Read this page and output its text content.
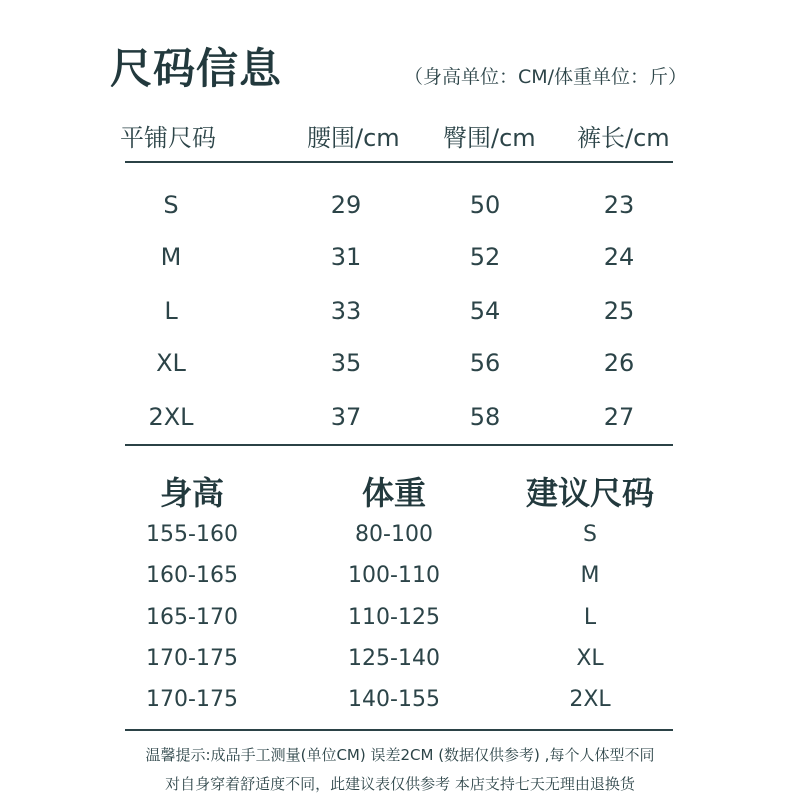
尺码信息	（身高单位：CM/体重单位：斤）
平铺尺码	腰围/cm 臀围/cm 裤长/cm
S	29	50	23
M	31	52	24
L	33	54	25
XL	35	56	26
2XL	37	58	27
身高	体重	建议尺码
155-160	80-100	S
160-165	100-110	M
165-170	110-125	L
170-175	125-140	XL
170-175	140-155	2XL
温馨提示:成品手工测量(单位CM) 误差2CM (数据仅供参考) ,每个人体型不同
对自身穿着舒适度不同，此建议表仅供参考 本店支持七天无理由退换货
